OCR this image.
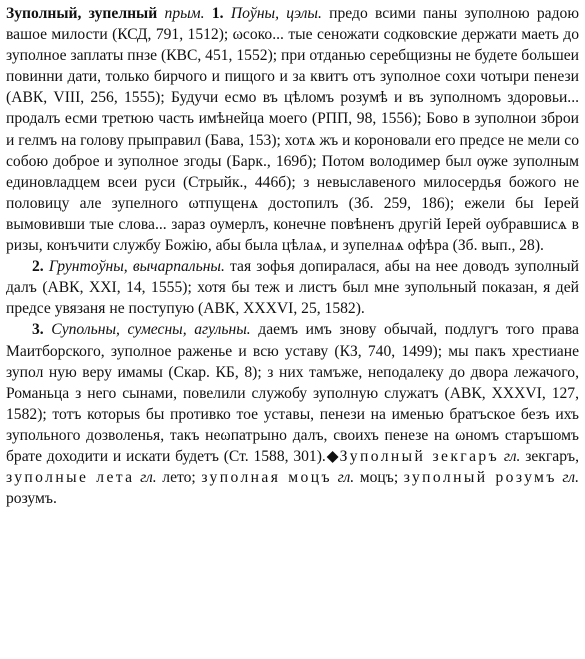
Зуполный, зупелный прым. 1. Поўны, цэлы. предо всими паны зуполною радою вашое милости (КСД, 791, 1512); ωсоко... тые сеножати содковские держати маеть до зуполное заплаты пнзе (КВС, 451, 1552); при отданью серебщизны не будете большеи повинни дати, только бирчого и пищого и за квитъ отъ зуполное сохи чотыри пенези (АВК, VIII, 256, 1555); Будучи есмо въ цѣломъ розумѣ и въ зуполномъ здоровьи... продалъ есми третюю часть имѣнейца моего (РПП, 98, 1556); Бово в зуполнои зброи и гелмъ на голову прыправил (Бава, 153); хотѧ жъ и короновали его предсе не мели со собою доброе и зуполное згоды (Барк., 169б); Потом володимер был ѹже зуполным единовладцем всеи руси (Стрыйк., 446б); з невыславеного милосердья божого не половицу але зупелного ωтпущенѧ достопилъ (Зб. 259, 186); ежели бы Iерей вымовивши тые слова... зараз оумерлъ, конечне повѣненъ другiй Iерей оубравшисѧ в ризы, конъчити службу Божію, абы была цѣлаѧ, и зупелнаѧ офѣра (Зб. вып., 28).

2. Грунтоўны, вычарпальны. тая зофья допиралася, абы на нее доводъ зуполный далъ (АВК, XXI, 14, 1555); хотя бы теж и листъ был мне зупольный показан, я дей предсе увязаня не поступую (АВК, XXXVI, 25, 1582).

3. Супольны, сумесны, агульны. даемъ имъ знову обычай, подлугъ того права Маитборского, зуполное раженье и всю уставу (КЗ, 740, 1499); мы пакъ хрестиане зупол ную веру имамы (Скар. КБ, 8); з них тамъже, неподалеку до двора лежачого, Романьца з него сынами, повелили служобу зуполную служатъ (АВК, XXXVI, 127, 1582); тотъ которыs бы противко тое уставы, пенези на именью братъское безъ ихъ зупольного дозволенья, такъ неωпатрыно далъ, своихъ пенезе на ωномъ старъшомъ брате доходити и искати будетъ (Ст. 1588, 301).◆Зуполный зекгаръ гл. зекгаръ, зуполные лета гл. лето; зуполная моцъ гл. моцъ; зуполный розумъ гл. розумъ.
